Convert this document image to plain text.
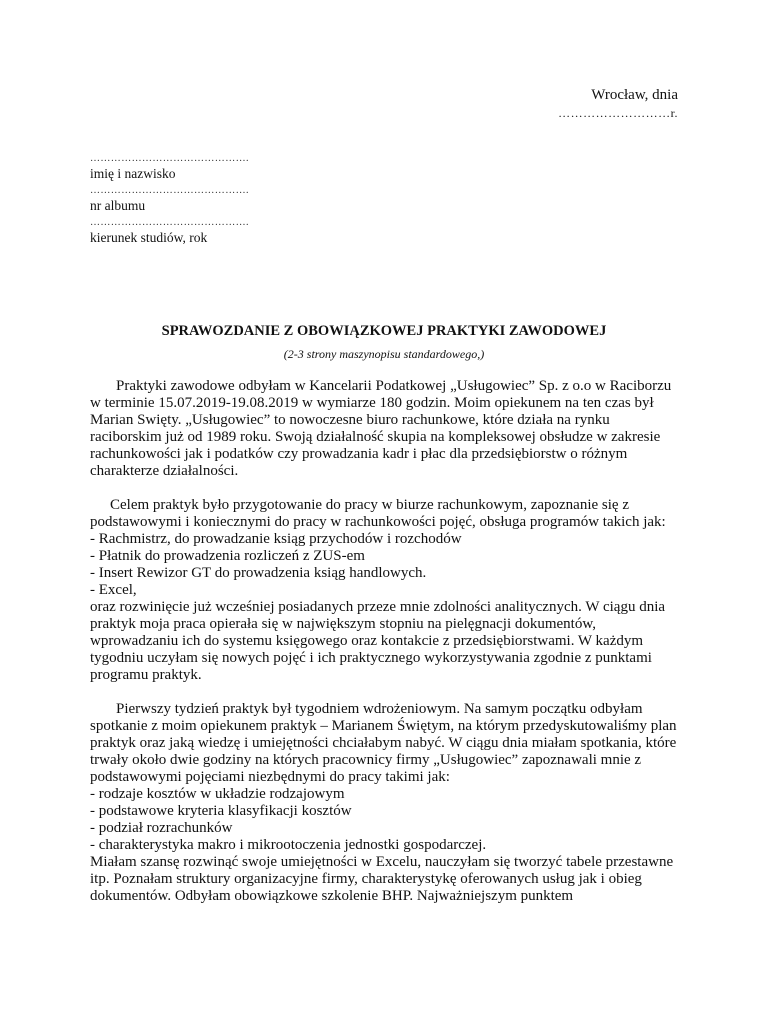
Wrocław, dnia
………………………r.
……………………………………….
imię i nazwisko
……………………………………….
nr albumu
……………………………………….
kierunek studiów, rok
SPRAWOZDANIE Z OBOWIĄZKOWEJ PRAKTYKI ZAWODOWEJ
(2-3 strony maszynopisu standardowego,)

Praktyki zawodowe odbyłam w Kancelarii Podatkowej „Usługowiec” Sp. z o.o w Raciborzu w terminie 15.07.2019-19.08.2019 w wymiarze 180 godzin. Moim opiekunem na ten czas był Marian Swięty. „Usługowiec” to nowoczesne biuro rachunkowe, które działa na rynku raciborskim już od 1989 roku. Swoją działalność skupia na kompleksowej obsłudze w zakresie rachunkowości jak i podatków czy prowadzania kadr i płac dla przedsiębiorstw o różnym charakterze działalności.

Celem praktyk było przygotowanie do pracy w biurze rachunkowym, zapoznanie się z podstawowymi i koniecznymi do pracy w rachunkowości pojęć, obsługa programów takich jak:

- Rachmistrz, do prowadzanie ksiąg przychodów i rozchodów

- Płatnik do prowadzenia rozliczeń z ZUS-em

- Insert Rewizor GT do prowadzenia ksiąg handlowych.

- Excel,

oraz rozwinięcie już wcześniej posiadanych przeze mnie zdolności analitycznych. W ciągu dnia praktyk moja praca opierała się w największym stopniu na pielęgnacji dokumentów, wprowadzaniu ich do systemu księgowego oraz kontakcie z przedsiębiorstwami. W każdym tygodniu uczyłam się nowych pojęć i ich praktycznego wykorzystywania zgodnie z punktami programu praktyk.

Pierwszy tydzień praktyk był tygodniem wdrożeniowym. Na samym początku odbyłam spotkanie z moim opiekunem praktyk – Marianem Świętym, na którym przedyskutowaliśmy plan praktyk oraz jaką wiedzę i umiejętności chciałabym nabyć. W ciągu dnia miałam spotkania, które trwały około dwie godziny na których pracownicy firmy „Usługowiec” zapoznawali mnie z podstawowymi pojęciami niezbędnymi do pracy takimi jak:

- rodzaje kosztów w układzie rodzajowym

- podstawowe kryteria klasyfikacji kosztów

- podział rozrachunków

- charakterystyka makro i mikrootoczenia jednostki gospodarczej.

Miałam szansę rozwinąć swoje umiejętności w Excelu, nauczyłam się tworzyć tabele przestawne itp. Poznałam struktury organizacyjne firmy, charakterystykę oferowanych usług jak i obieg dokumentów. Odbyłam obowiązkowe szkolenie BHP. Najważniejszym punktem
